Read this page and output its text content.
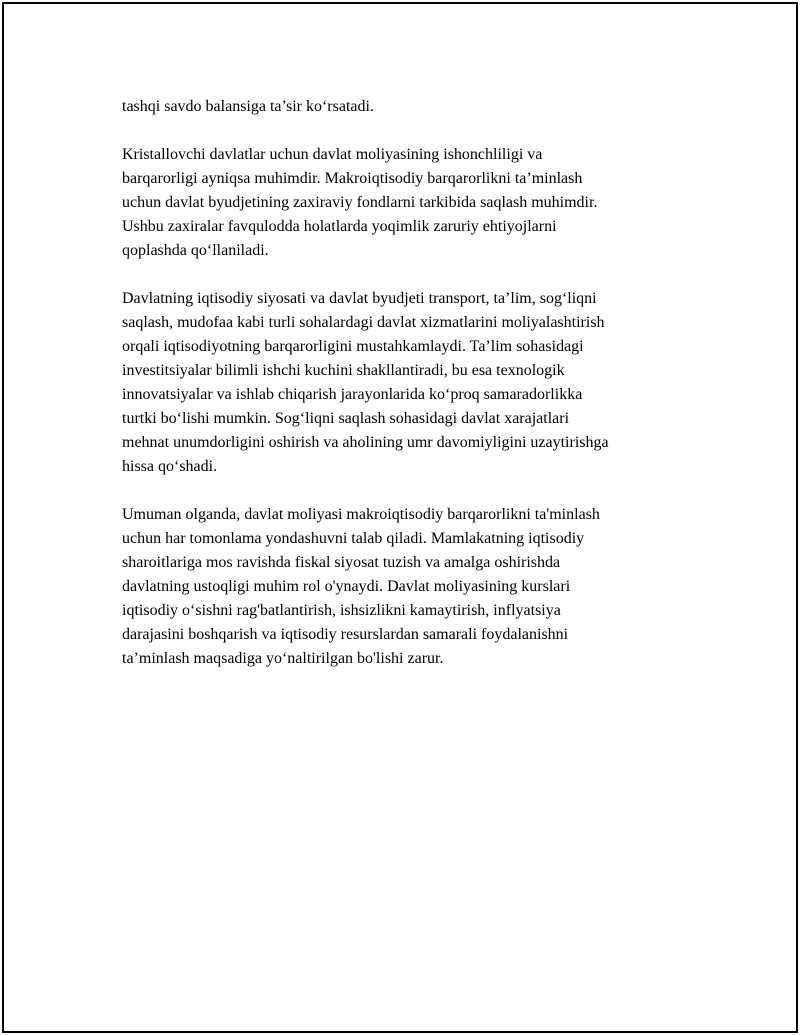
tashqi savdo balansiga ta’sir ko‘rsatadi.

Kristallovchi davlatlar uchun davlat moliyasining ishonchliligi va
barqarorligi ayniqsa muhimdir. Makroiqtisodiy barqarorlikni ta’minlash
uchun davlat byudjetining zaxiraviy fondlarni tarkibida saqlash muhimdir.
Ushbu zaxiralar favqulodda holatlarda yoqimlik zaruriy ehtiyojlarni
qoplashda qo‘llaniladi.

Davlatning iqtisodiy siyosati va davlat byudjeti transport, ta’lim, sog‘liqni
saqlash, mudofaa kabi turli sohalardagi davlat xizmatlarini moliyalashtirish
orqali iqtisodiyotning barqarorligini mustahkamlaydi. Ta’lim sohasidagi
investitsiyalar bilimli ishchi kuchini shakllantiradi, bu esa texnologik
innovatsiyalar va ishlab chiqarish jarayonlarida ko‘proq samaradorlikka
turtki bo‘lishi mumkin. Sog‘liqni saqlash sohasidagi davlat xarajatlari
mehnat unumdorligini oshirish va aholining umr davomiyligini uzaytirishga
hissa qo‘shadi.

Umuman olganda, davlat moliyasi makroiqtisodiy barqarorlikni ta'minlash
uchun har tomonlama yondashuvni talab qiladi. Mamlakatning iqtisodiy
sharoitlariga mos ravishda fiskal siyosat tuzish va amalga oshirishda
davlatning ustoqligi muhim rol o'ynaydi. Davlat moliyasining kurslari
iqtisodiy o‘sishni rag'batlantirish, ishsizlikni kamaytirish, inflyatsiya
darajasini boshqarish va iqtisodiy resurslardan samarali foydalanishni
ta’minlash maqsadiga yo‘naltirilgan bo'lishi zarur.
